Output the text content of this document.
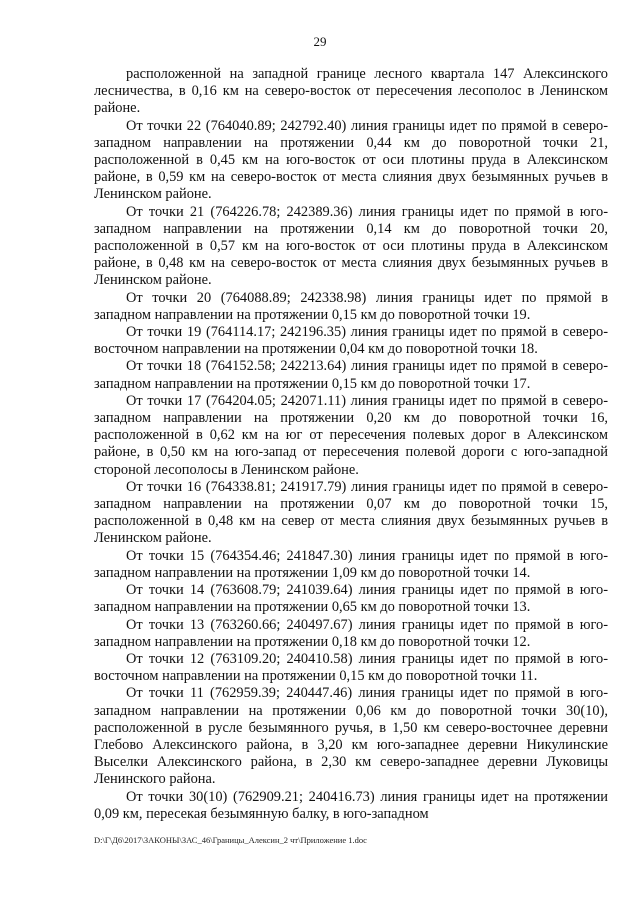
29

расположенной на западной границе лесного квартала 147 Алексинского лесничества, в 0,16 км на северо-восток от пересечения лесополос в Ленинском районе.

От точки 22 (764040.89; 242792.40) линия границы идет по прямой в северо-западном направлении на протяжении 0,44 км до поворотной точки 21, расположенной в 0,45 км на юго-восток от оси плотины пруда в Алексинском районе, в 0,59 км на северо-восток от места слияния двух безымянных ручьев в Ленинском районе.

От точки 21 (764226.78; 242389.36) линия границы идет по прямой в юго-западном направлении на протяжении 0,14 км до поворотной точки 20, расположенной в 0,57 км на юго-восток от оси плотины пруда в Алексинском районе, в 0,48 км на северо-восток от места слияния двух безымянных ручьев в Ленинском районе.

От точки 20 (764088.89; 242338.98) линия границы идет по прямой в западном направлении на протяжении 0,15 км до поворотной точки 19.

От точки 19 (764114.17; 242196.35) линия границы идет по прямой в северо-восточном направлении на протяжении 0,04 км до поворотной точки 18.

От точки 18 (764152.58; 242213.64) линия границы идет по прямой в северо-западном направлении на протяжении 0,15 км до поворотной точки 17.

От точки 17 (764204.05; 242071.11) линия границы идет по прямой в северо-западном направлении на протяжении 0,20 км до поворотной точки 16, расположенной в 0,62 км на юг от пересечения полевых дорог в Алексинском районе, в 0,50 км на юго-запад от пересечения полевой дороги с юго-западной стороной лесополосы в Ленинском районе.

От точки 16 (764338.81; 241917.79) линия границы идет по прямой в северо-западном направлении на протяжении 0,07 км до поворотной точки 15, расположенной в 0,48 км на север от места слияния двух безымянных ручьев в Ленинском районе.

От точки 15 (764354.46; 241847.30) линия границы идет по прямой в юго-западном направлении на протяжении 1,09 км до поворотной точки 14.

От точки 14 (763608.79; 241039.64) линия границы идет по прямой в юго-западном направлении на протяжении 0,65 км до поворотной точки 13.

От точки 13 (763260.66; 240497.67) линия границы идет по прямой в юго-западном направлении на протяжении 0,18 км до поворотной точки 12.

От точки 12 (763109.20; 240410.58) линия границы идет по прямой в юго-восточном направлении на протяжении 0,15 км до поворотной точки 11.

От точки 11 (762959.39; 240447.46) линия границы идет по прямой в юго-западном направлении на протяжении 0,06 км до поворотной точки 30(10), расположенной в русле безымянного ручья, в 1,50 км северо-восточнее деревни Глебово Алексинского района, в 3,20 км юго-западнее деревни Никулинские Выселки Алексинского района, в 2,30 км северо-западнее деревни Луковицы Ленинского района.

От точки 30(10) (762909.21; 240416.73) линия границы идет на протяжении 0,09 км, пересекая безымянную балку, в юго-западном

D:\Г\Д6\2017\ЗАКОНЫ\ЗАС_46\Границы_Алексин_2 чт\Приложение 1.doc
